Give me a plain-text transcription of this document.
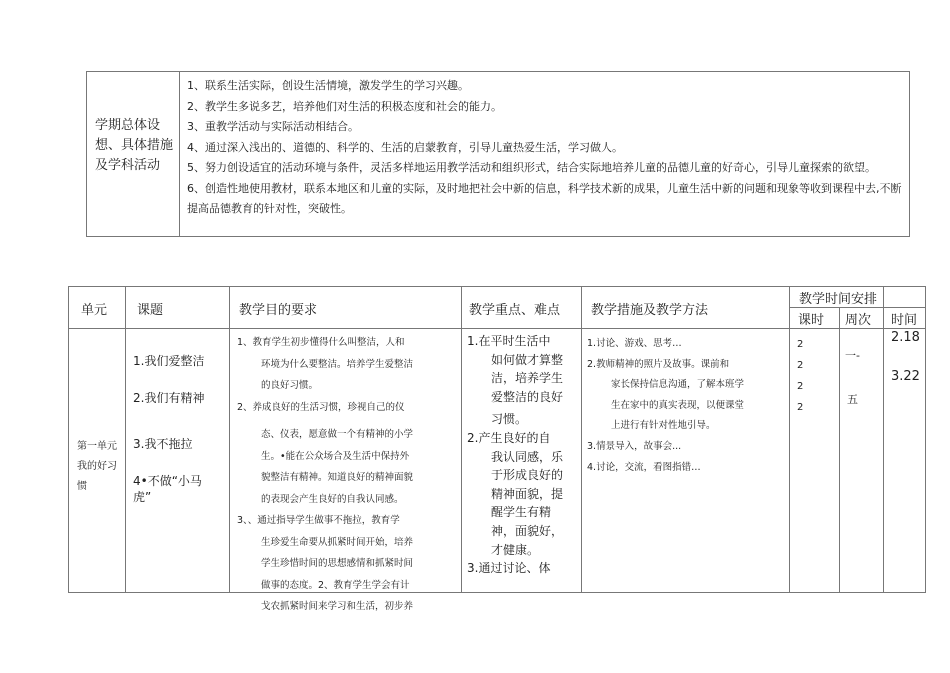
学期总体设想、具体措施及学科活动
1、联系生活实际，创设生活情境，激发学生的学习兴趣。
2、教学生多说多艺，培养他们对生活的积极态度和社会的能力。
3、重教学活动与实际活动相结合。
4、通过深入浅出的、道德的、科学的、生活的启蒙教育，引导儿童热爱生活，学习做人。
5、努力创设适宜的活动环境与条件，灵活多样地运用教学活动和组织形式，结合实际地培养儿童的品德儿童的好奇心，引导儿童探索的欲望。
6、创造性地使用教材，联系本地区和儿童的实际，及时地把社会中新的信息，科学技术新的成果，儿童生活中新的问题和现象等收到课程中去,不断提高品德教育的针对性，突破性。
单元 课题	教学目的要求	教学重点、难点 教学措施及教学方法
教学时间安排
课时 周次 时间
第一单元我的好习惯
1.我们爱整洁
2.我们有精神
3.我不拖拉
4•不做“小马虎”
1、教育学生初步懂得什么叫整洁，人和
环境为什么要整洁。培养学生爱整洁
的良好习惯。
2、养成良好的生活习惯，珍视自己的仪
态、仪表，愿意做一个有精神的小学
生。•能在公众场合及生活中保持外
貌整洁有精神。知道良好的精神面貌
的表现会产生良好的自我认同感。
3、、通过指导学生做事不拖拉，教育学
生珍爱生命要从抓紧时间开始，培养
学生珍惜时间的思想感情和抓紧时间
做事的态度。2、教育学生学会有计
戈农抓紧时间来学习和生活，初步养
1.在平时生活中
如何做才算整
洁，培养学生
爱整洁的良好
习惯。
2.产生良好的自
我认同感，乐
于形成良好的
精神面貌，提
醒学生有精
神，面貌好，
才健康。
3.通过讨论、体
1.讨论、游戏、思考…
2.教师精神的照片及故事。课前和
家长保持信息沟通，了解本班学
生在家中的真实表现，以便课堂
上进行有针对性地引导。
3.情景导入，故事会...
4.讨论，交流，看图指错…
2
2
2
2
一-
五
2.18
3.22
